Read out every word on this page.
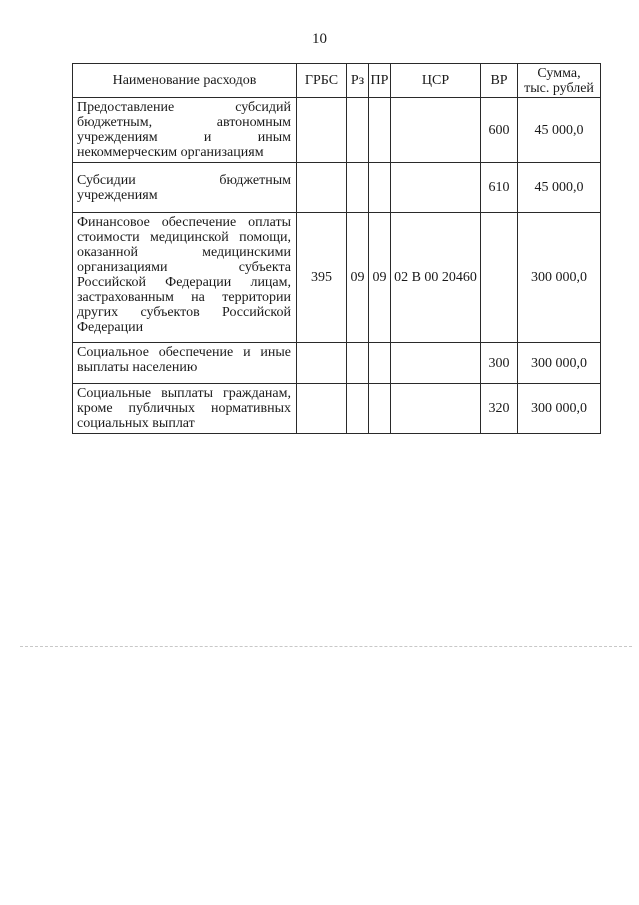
10
Наименование расходов	ГРБС	Рз	ПР	ЦСР	ВР	Сумма,
тыс. рублей

Предоставление субсидий бюджетным, автономным учреждениям и иным некоммерческим организациям					600	45 000,0
Субсидии бюджетным учреждениям					610	45 000,0
Финансовое обеспечение оплаты стоимости медицинской помощи, оказанной медицинскими организациями субъекта Российской Федерации лицам, застрахованным на территории других субъектов Российской Федерации	395	09	09	02 В 00 20460		300 000,0
Социальное обеспечение и иные выплаты населению					300	300 000,0
Социальные выплаты гражданам, кроме публичных нормативных социальных выплат					320	300 000,0
